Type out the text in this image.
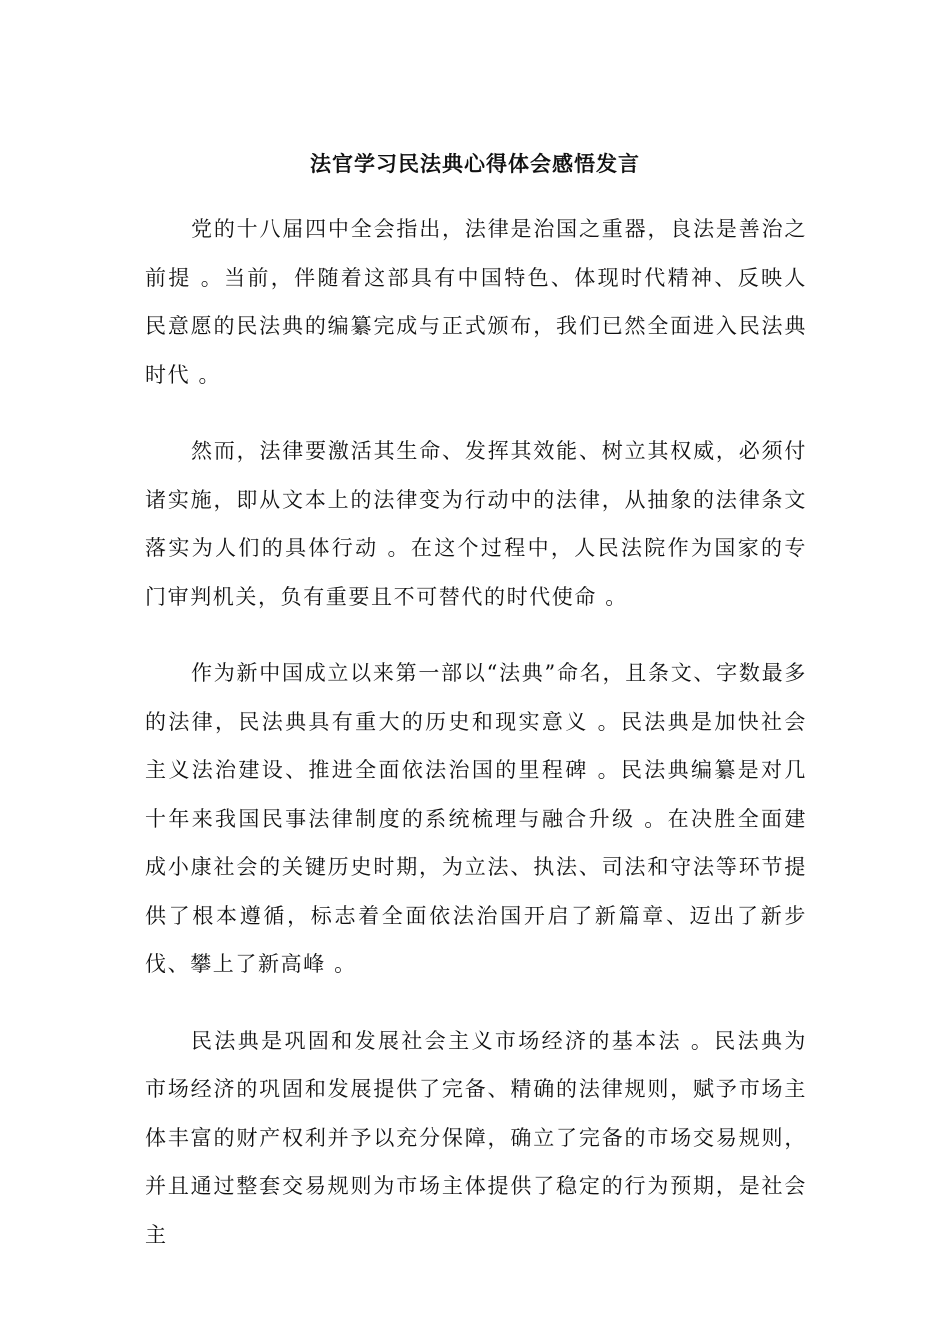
法官学习民法典心得体会感悟发言

党的十八届四中全会指出，法律是治国之重器，良法是善治之前提 。当前，伴随着这部具有中国特色、体现时代精神、反映人民意愿的民法典的编纂完成与正式颁布，我们已然全面进入民法典时代 。

然而，法律要激活其生命、发挥其效能、树立其权威，必须付诸实施，即从文本上的法律变为行动中的法律，从抽象的法律条文落实为人们的具体行动 。在这个过程中，人民法院作为国家的专门审判机关，负有重要且不可替代的时代使命 。

作为新中国成立以来第一部以“法典”命名，且条文、字数最多的法律，民法典具有重大的历史和现实意义 。民法典是加快社会主义法治建设、推进全面依法治国的里程碑 。民法典编纂是对几十年来我国民事法律制度的系统梳理与融合升级 。在决胜全面建成小康社会的关键历史时期，为立法、执法、司法和守法等环节提供了根本遵循，标志着全面依法治国开启了新篇章、迈出了新步伐、攀上了新高峰 。

民法典是巩固和发展社会主义市场经济的基本法 。民法典为市场经济的巩固和发展提供了完备、精确的法律规则，赋予市场主体丰富的财产权利并予以充分保障，确立了完备的市场交易规则，并且通过整套交易规则为市场主体提供了稳定的行为预期，是社会主
